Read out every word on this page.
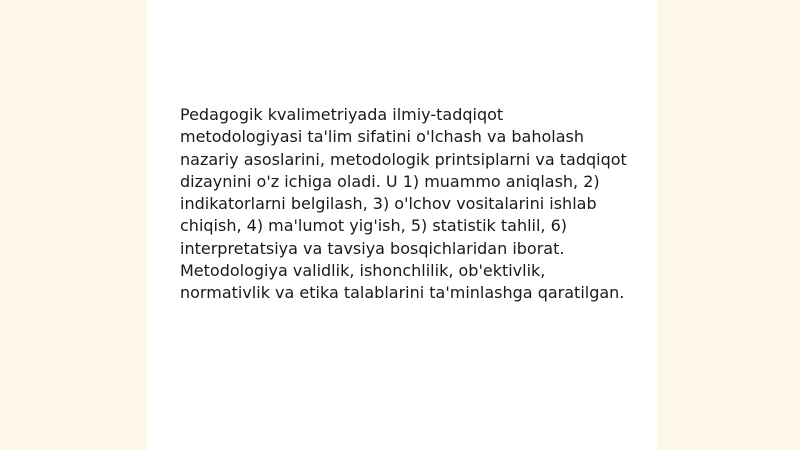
Pedagogik kvalimetriyada ilmiy-tadqiqot metodologiyasi ta'lim sifatini o'lchash va baholash nazariy asoslarini, metodologik printsiplarni va tadqiqot dizaynini o'z ichiga oladi. U 1) muammo aniqlash, 2) indikatorlarni belgilash, 3) o'lchov vositalarini ishlab chiqish, 4) ma'lumot yig'ish, 5) statistik tahlil, 6) interpretatsiya va tavsiya bosqichlaridan iborat. Metodologiya validlik, ishonchlilik, ob'ektivlik, normativlik va etika talablarini ta'minlashga qaratilgan.
